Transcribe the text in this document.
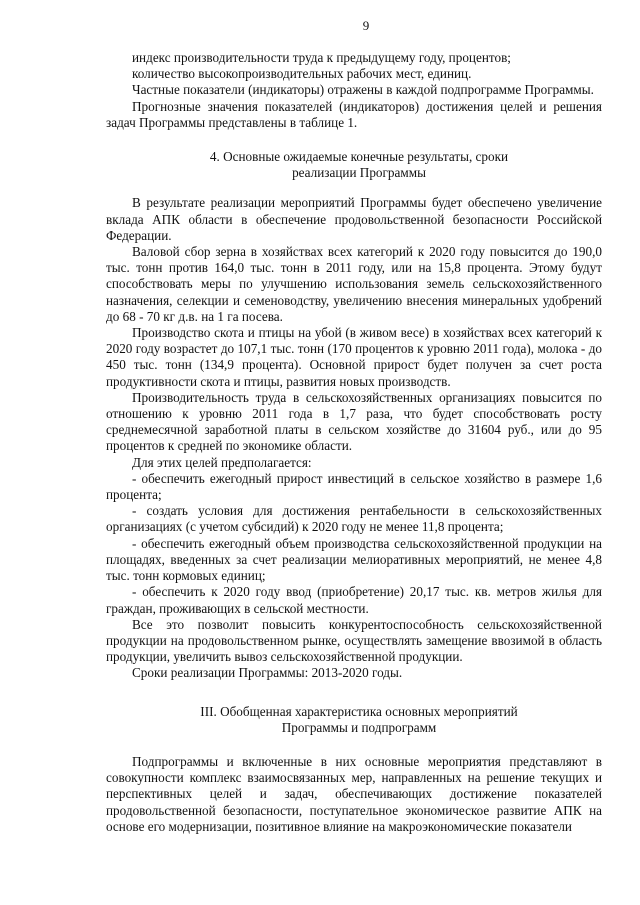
9

индекс производительности труда к предыдущему году, процентов;

количество высокопроизводительных рабочих мест, единиц.

Частные показатели (индикаторы) отражены в каждой подпрограмме Программы.

Прогнозные значения показателей (индикаторов) достижения целей и решения задач Программы представлены в таблице 1.

4. Основные ожидаемые конечные результаты, сроки
реализации Программы

В результате реализации мероприятий Программы будет обеспечено увеличение вклада АПК области в обеспечение продовольственной безопасности Российской Федерации.

Валовой сбор зерна в хозяйствах всех категорий к 2020 году повысится до 190,0 тыс. тонн против 164,0 тыс. тонн в 2011 году, или на 15,8 процента. Этому будут способствовать меры по улучшению использования земель сельскохозяйственного назначения, селекции и семеноводству, увеличению внесения минеральных удобрений до 68 - 70 кг д.в. на 1 га посева.

Производство скота и птицы на убой (в живом весе) в хозяйствах всех категорий к 2020 году возрастет до 107,1 тыс. тонн (170 процентов к уровню 2011 года), молока - до 450 тыс. тонн (134,9 процента). Основной прирост будет получен за счет роста продуктивности скота и птицы, развития новых производств.

Производительность труда в сельскохозяйственных организациях повысится по отношению к уровню 2011 года в 1,7 раза, что будет способствовать росту среднемесячной заработной платы в сельском хозяйстве до 31604 руб., или до 95 процентов к средней по экономике области.

Для этих целей предполагается:

- обеспечить ежегодный прирост инвестиций в сельское хозяйство в размере 1,6 процента;

- создать условия для достижения рентабельности в сельскохозяйственных организациях (с учетом субсидий) к 2020 году не менее 11,8 процента;

- обеспечить ежегодный объем производства сельскохозяйственной продукции на площадях, введенных за счет реализации мелиоративных мероприятий, не менее 4,8 тыс. тонн кормовых единиц;

- обеспечить к 2020 году ввод (приобретение) 20,17 тыс. кв. метров жилья для граждан, проживающих в сельской местности.

Все это позволит повысить конкурентоспособность сельскохозяйственной продукции на продовольственном рынке, осуществлять замещение ввозимой в область продукции, увеличить вывоз сельскохозяйственной продукции.

Сроки реализации Программы: 2013-2020 годы.

III. Обобщенная характеристика основных мероприятий
Программы и подпрограмм

Подпрограммы и включенные в них основные мероприятия представляют в совокупности комплекс взаимосвязанных мер, направленных на решение текущих и перспективных целей и задач, обеспечивающих достижение показателей продовольственной безопасности, поступательное экономическое развитие АПК на основе его модернизации, позитивное влияние на макроэкономические показатели
